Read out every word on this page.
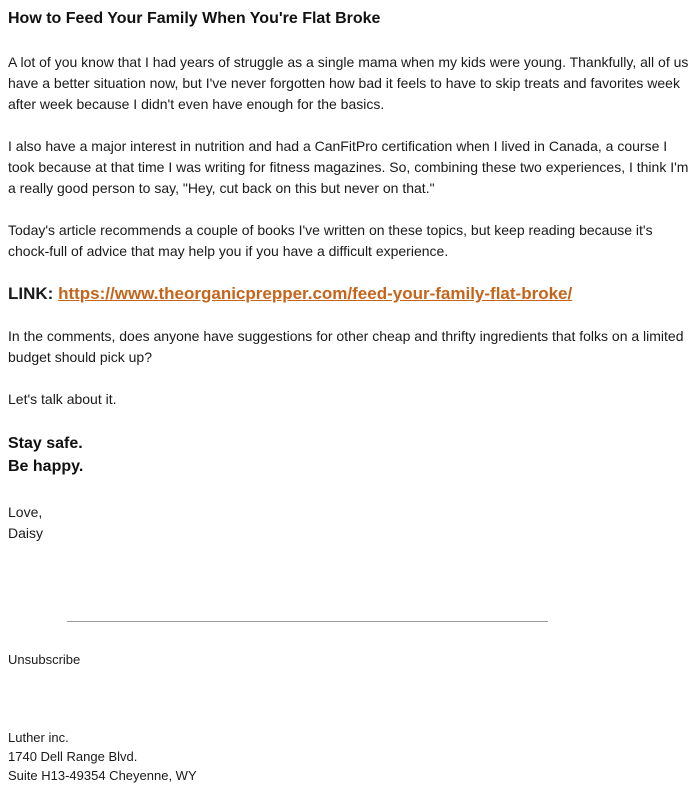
How to Feed Your Family When You're Flat Broke

A lot of you know that I had years of struggle as a single mama when my kids were young. Thankfully, all of us have a better situation now, but I've never forgotten how bad it feels to have to skip treats and favorites week after week because I didn't even have enough for the basics.

I also have a major interest in nutrition and had a CanFitPro certification when I lived in Canada, a course I took because at that time I was writing for fitness magazines. So, combining these two experiences, I think I'm a really good person to say, "Hey, cut back on this but never on that."

Today's article recommends a couple of books I've written on these topics, but keep reading because it's chock-full of advice that may help you if you have a difficult experience.

LINK: https://www.theorganicprepper.com/feed-your-family-flat-broke/

In the comments, does anyone have suggestions for other cheap and thrifty ingredients that folks on a limited budget should pick up?

Let's talk about it.

Stay safe.
Be happy.
Love,
Daisy
Unsubscribe
Luther inc.
1740 Dell Range Blvd.
Suite H13-49354 Cheyenne, WY
